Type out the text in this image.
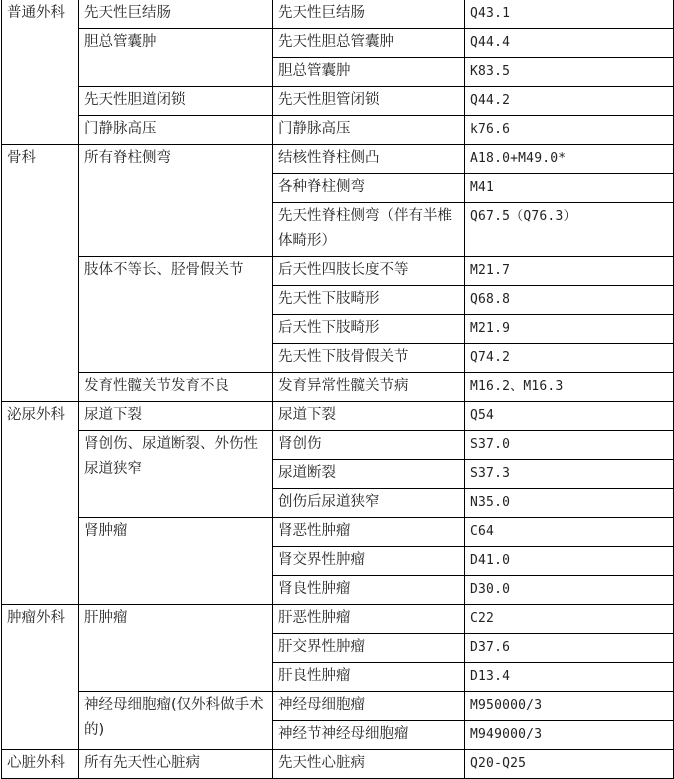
普通外科	先天性巨结肠	先天性巨结肠	Q43.1
	胆总管囊肿	先天性胆总管囊肿	Q44.4
		胆总管囊肿	K83.5
	先天性胆道闭锁	先天性胆管闭锁	Q44.2
	门静脉高压	门静脉高压	k76.6
骨科	所有脊柱侧弯	结核性脊柱侧凸	A18.0+M49.0*
		各种脊柱侧弯	M41
		先天性脊柱侧弯（伴有半椎体畸形）	Q67.5（Q76.3）
	肢体不等长、胫骨假关节	后天性四肢长度不等	M21.7
		先天性下肢畸形	Q68.8
		后天性下肢畸形	M21.9
		先天性下肢骨假关节	Q74.2
	发育性髋关节发育不良	发育异常性髋关节病	M16.2、M16.3
泌尿外科	尿道下裂	尿道下裂	Q54
	肾创伤、尿道断裂、外伤性尿道狭窄	肾创伤	S37.0
		尿道断裂	S37.3
		创伤后尿道狭窄	N35.0
	肾肿瘤	肾恶性肿瘤	C64
		肾交界性肿瘤	D41.0
		肾良性肿瘤	D30.0
肿瘤外科	肝肿瘤	肝恶性肿瘤	C22
		肝交界性肿瘤	D37.6
		肝良性肿瘤	D13.4
	神经母细胞瘤(仅外科做手术的)	神经母细胞瘤	M950000/3
		神经节神经母细胞瘤	M949000/3
心脏外科	所有先天性心脏病	先天性心脏病	Q20-Q25
